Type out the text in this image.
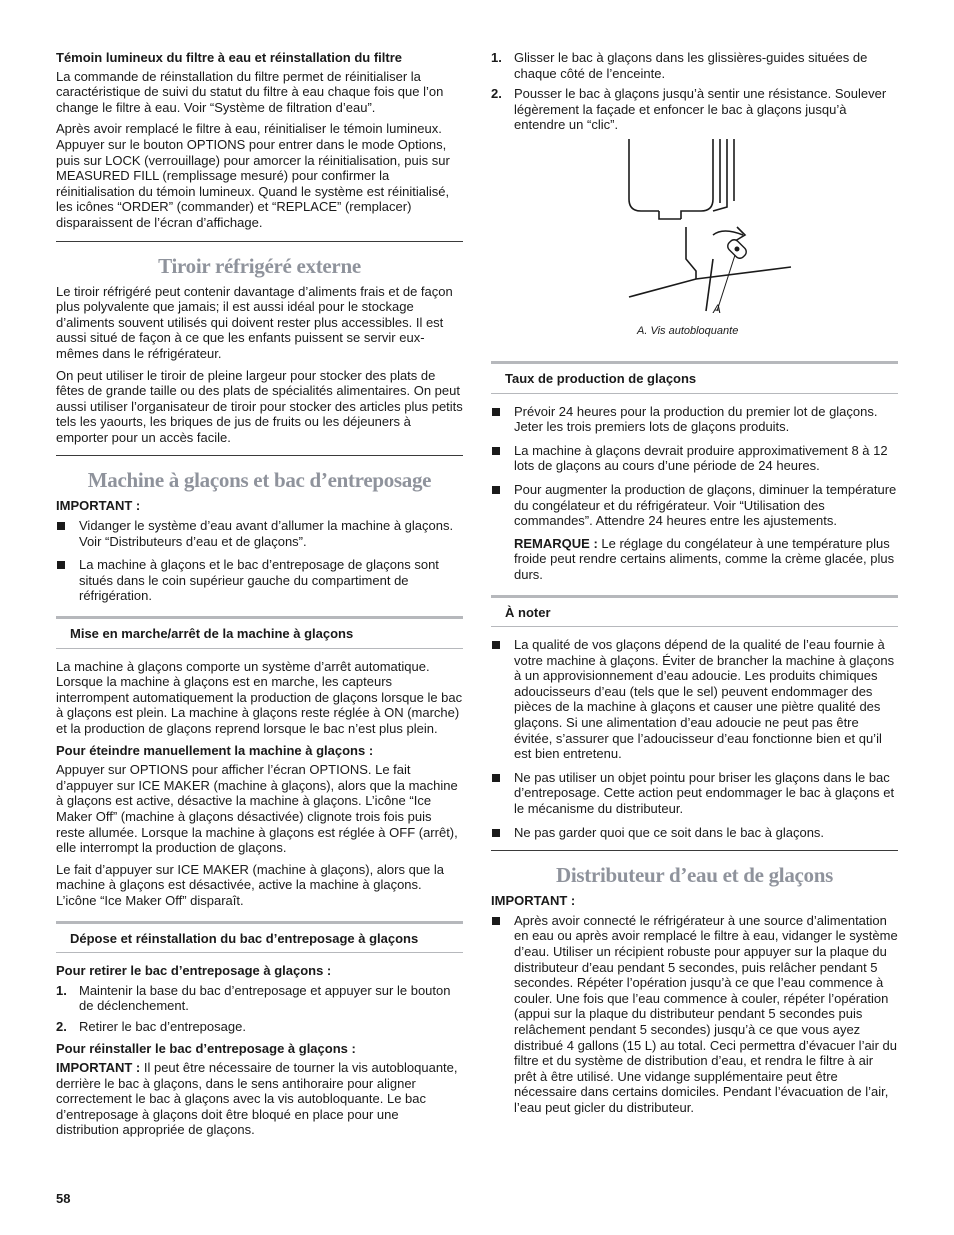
Témoin lumineux du filtre à eau et réinstallation du filtre

La commande de réinstallation du filtre permet de réinitialiser la caractéristique de suivi du statut du filtre à eau chaque fois que l’on change le filtre à eau. Voir “Système de filtration d’eau”.

Après avoir remplacé le filtre à eau, réinitialiser le témoin lumineux. Appuyer sur le bouton OPTIONS pour entrer dans le mode Options, puis sur LOCK (verrouillage) pour amorcer la réinitialisation, puis sur MEASURED FILL (remplissage mesuré) pour confirmer la réinitialisation du témoin lumineux. Quand le système est réinitialisé, les icônes “ORDER” (commander) et “REPLACE” (remplacer) disparaissent de l’écran d’affichage.

Tiroir réfrigéré externe

Le tiroir réfrigéré peut contenir davantage d’aliments frais et de façon plus polyvalente que jamais; il est aussi idéal pour le stockage d’aliments souvent utilisés qui doivent rester plus accessibles. Il est aussi situé de façon à ce que les enfants puissent se servir eux-mêmes dans le réfrigérateur.

On peut utiliser le tiroir de pleine largeur pour stocker des plats de fêtes de grande taille ou des plats de spécialités alimentaires. On peut aussi utiliser l’organisateur de tiroir pour stocker des articles plus petits tels les yaourts, les briques de jus de fruits ou les déjeuners à emporter pour un accès facile.

Machine à glaçons et bac d’entreposage
IMPORTANT :
Vidanger le système d’eau avant d’allumer la machine à glaçons. Voir “Distributeurs d’eau et de glaçons”.
La machine à glaçons et le bac d’entreposage de glaçons sont situés dans le coin supérieur gauche du compartiment de réfrigération.
Mise en marche/arrêt de la machine à glaçons

La machine à glaçons comporte un système d’arrêt automatique. Lorsque la machine à glaçons est en marche, les capteurs interrompent automatiquement la production de glaçons lorsque le bac à glaçons est plein. La machine à glaçons reste réglée à ON (marche) et la production de glaçons reprend lorsque le bac n’est plus plein.

Pour éteindre manuellement la machine à glaçons :

Appuyer sur OPTIONS pour afficher l’écran OPTIONS. Le fait d’appuyer sur ICE MAKER (machine à glaçons), alors que la machine à glaçons est active, désactive la machine à glaçons. L’icône “Ice Maker Off” (machine à glaçons désactivée) clignote trois fois puis reste allumée. Lorsque la machine à glaçons est réglée à OFF (arrêt), elle interrompt la production de glaçons.

Le fait d’appuyer sur ICE MAKER (machine à glaçons), alors que la machine à glaçons est désactivée, active la machine à glaçons. L’icône “Ice Maker Off” disparaît.

Dépose et réinstallation du bac d’entreposage à glaçons
Pour retirer le bac d’entreposage à glaçons :
1. Maintenir la base du bac d’entreposage et appuyer sur le bouton de déclenchement.
2. Retirer le bac d’entreposage.
Pour réinstaller le bac d’entreposage à glaçons :

IMPORTANT : Il peut être nécessaire de tourner la vis autobloquante, derrière le bac à glaçons, dans le sens antihoraire pour aligner correctement le bac à glaçons avec la vis autobloquante. Le bac d’entreposage à glaçons doit être bloqué en place pour une distribution appropriée de glaçons.

1. Glisser le bac à glaçons dans les glissières-guides situées de chaque côté de l’enceinte.
2. Pousser le bac à glaçons jusqu’à sentir une résistance. Soulever légèrement la façade et enfoncer le bac à glaçons jusqu’à entendre un “clic”.
A
A. Vis autobloquante
Taux de production de glaçons
Prévoir 24 heures pour la production du premier lot de glaçons. Jeter les trois premiers lots de glaçons produits.
La machine à glaçons devrait produire approximativement 8 à 12 lots de glaçons au cours d’une période de 24 heures.
Pour augmenter la production de glaçons, diminuer la température du congélateur et du réfrigérateur. Voir “Utilisation des commandes”. Attendre 24 heures entre les ajustements.
REMARQUE : Le réglage du congélateur à une température plus froide peut rendre certains aliments, comme la crème glacée, plus durs.
À noter
La qualité de vos glaçons dépend de la qualité de l’eau fournie à votre machine à glaçons. Éviter de brancher la machine à glaçons à un approvisionnement d’eau adoucie. Les produits chimiques adoucisseurs d’eau (tels que le sel) peuvent endommager des pièces de la machine à glaçons et causer une piètre qualité des glaçons. Si une alimentation d’eau adoucie ne peut pas être évitée, s’assurer que l’adoucisseur d’eau fonctionne bien et qu’il est bien entretenu.
Ne pas utiliser un objet pointu pour briser les glaçons dans le bac d’entreposage. Cette action peut endommager le bac à glaçons et le mécanisme du distributeur.
Ne pas garder quoi que ce soit dans le bac à glaçons.
Distributeur d’eau et de glaçons
IMPORTANT :
Après avoir connecté le réfrigérateur à une source d’alimentation en eau ou après avoir remplacé le filtre à eau, vidanger le système d’eau. Utiliser un récipient robuste pour appuyer sur la plaque du distributeur d’eau pendant 5 secondes, puis relâcher pendant 5 secondes. Répéter l’opération jusqu’à ce que l’eau commence à couler. Une fois que l’eau commence à couler, répéter l’opération (appui sur la plaque du distributeur pendant 5 secondes puis relâchement pendant 5 secondes) jusqu’à ce que vous ayez distribué 4 gallons (15 L) au total. Ceci permettra d’évacuer l’air du filtre et du système de distribution d’eau, et rendra le filtre à air prêt à être utilisé. Une vidange supplémentaire peut être nécessaire dans certains domiciles. Pendant l’évacuation de l’air, l’eau peut gicler du distributeur.
58
